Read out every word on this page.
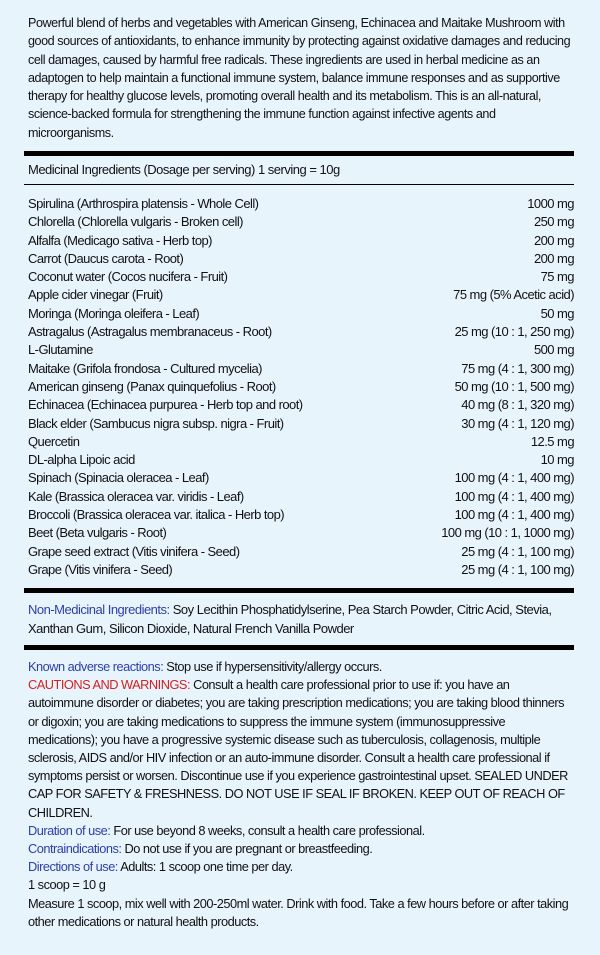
Powerful blend of herbs and vegetables with American Ginseng, Echinacea and Maitake Mushroom with good sources of antioxidants, to enhance immunity by protecting against oxidative damages and reducing cell damages, caused by harmful free radicals. These ingredients are used in herbal medicine as an adaptogen to help maintain a functional immune system, balance immune responses and as supportive therapy for healthy glucose levels, promoting overall health and its metabolism. This is an all-natural, science-backed formula for strengthening the immune function against infective agents and microorganisms.
Medicinal Ingredients (Dosage per serving) 1 serving = 10g
Spirulina (Arthrospira platensis - Whole Cell)	1000 mg
Chlorella (Chlorella vulgaris - Broken cell)	250 mg
Alfalfa (Medicago sativa - Herb top)	200 mg
Carrot (Daucus carota - Root)	200 mg
Coconut water (Cocos nucifera - Fruit)	75 mg
Apple cider vinegar (Fruit)	75 mg (5% Acetic acid)
Moringa (Moringa oleifera - Leaf)	50 mg
Astragalus (Astragalus membranaceus - Root)	25 mg (10 : 1, 250 mg)
L-Glutamine	500 mg
Maitake (Grifola frondosa - Cultured mycelia)	75 mg (4 : 1, 300 mg)
American ginseng (Panax quinquefolius - Root)	50 mg (10 : 1, 500 mg)
Echinacea (Echinacea purpurea - Herb top and root)	40 mg (8 : 1, 320 mg)
Black elder (Sambucus nigra subsp. nigra - Fruit)	30 mg (4 : 1, 120 mg)
Quercetin	12.5 mg
DL-alpha Lipoic acid	10 mg
Spinach (Spinacia oleracea - Leaf)	100 mg (4 : 1, 400 mg)
Kale (Brassica oleracea var. viridis - Leaf)	100 mg (4 : 1, 400 mg)
Broccoli (Brassica oleracea var. italica - Herb top)	100 mg (4 : 1, 400 mg)
Beet (Beta vulgaris - Root)	100 mg (10 : 1, 1000 mg)
Grape seed extract (Vitis vinifera - Seed)	25 mg (4 : 1, 100 mg)
Grape (Vitis vinifera - Seed)	25 mg (4 : 1, 100 mg)
Non-Medicinal Ingredients: Soy Lecithin Phosphatidylserine, Pea Starch Powder, Citric Acid, Stevia, Xanthan Gum, Silicon Dioxide, Natural French Vanilla Powder

Known adverse reactions: Stop use if hypersensitivity/allergy occurs.

CAUTIONS AND WARNINGS: Consult a health care professional prior to use if: you have an autoimmune disorder or diabetes; you are taking prescription medications; you are taking blood thinners or digoxin; you are taking medications to suppress the immune system (immunosuppressive medications); you have a progressive systemic disease such as tuberculosis, collagenosis, multiple sclerosis, AIDS and/or HIV infection or an auto-immune disorder. Consult a health care professional if symptoms persist or worsen. Discontinue use if you experience gastrointestinal upset. SEALED UNDER CAP FOR SAFETY & FRESHNESS. DO NOT USE IF SEAL IF BROKEN. KEEP OUT OF REACH OF CHILDREN.

Duration of use: For use beyond 8 weeks, consult a health care professional.

Contraindications: Do not use if you are pregnant or breastfeeding.

Directions of use: Adults: 1 scoop one time per day.

1 scoop = 10 g

Measure 1 scoop, mix well with 200-250ml water. Drink with food. Take a few hours before or after taking other medications or natural health products.
